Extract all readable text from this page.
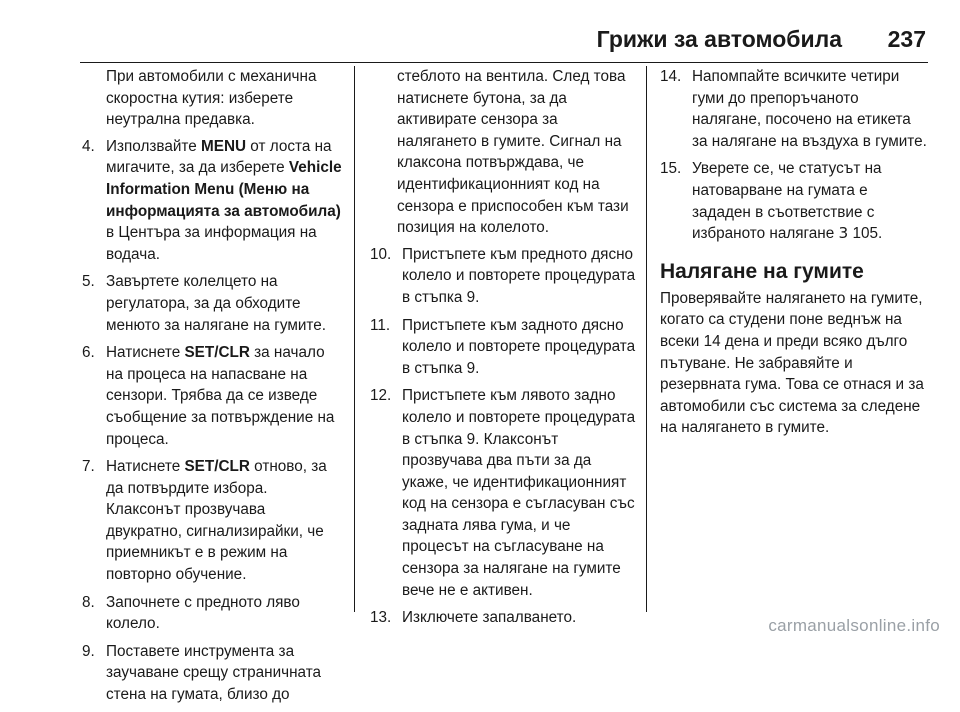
Грижи за автомобила 237

При автомобили с механична скоростна кутия: изберете неутрална предавка.

4. Използвайте MENU от лоста на мигачите, за да изберете Vehicle Information Menu (Меню на информацията за автомобила) в Центъра за информация на водача.
5. Завъртете колелцето на регулатора, за да обходите менюто за налягане на гумите.
6. Натиснете SET/CLR за начало на процеса на напасване на сензори. Трябва да се изведе съобщение за потвърждение на процеса.
7. Натиснете SET/CLR отново, за да потвърдите избора. Клаксонът прозвучава двукратно, сигнализирайки, че приемникът е в режим на повторно обучение.
8. Започнете с предното ляво колело.
9. Поставете инструмента за заучаване срещу страничната стена на гумата, близо до

стеблото на вентила. След това натиснете бутона, за да активирате сензора за налягането в гумите. Сигнал на клаксона потвърждава, че идентификационният код на сензора е приспособен към тази позиция на колелото.

10. Пристъпете към предното дясно колело и повторете процедурата в стъпка 9.
11. Пристъпете към задното дясно колело и повторете процедурата в стъпка 9.
12. Пристъпете към лявото задно колело и повторете процедурата в стъпка 9. Клаксонът прозвучава два пъти за да укаже, че идентификационният код на сензора е съгласуван със задната лява гума, и че процесът на съгласуване на сензора за налягане на гумите вече не е активен.
13. Изключете запалването.
14. Напомпайте всичките четири гуми до препоръчаното налягане, посочено на етикета за налягане на въздуха в гумите.
15. Уверете се, че статусът на натоварване на гумата е зададен в съответствие с избраното налягане 3 105.
Налягане на гумите

Проверявайте налягането на гумите, когато са студени поне веднъж на всеки 14 дена и преди всяко дълго пътуване. Не забравяйте и резервната гума. Това се отнася и за автомобили със система за следене на налягането в гумите.

carmanualsonline.info
